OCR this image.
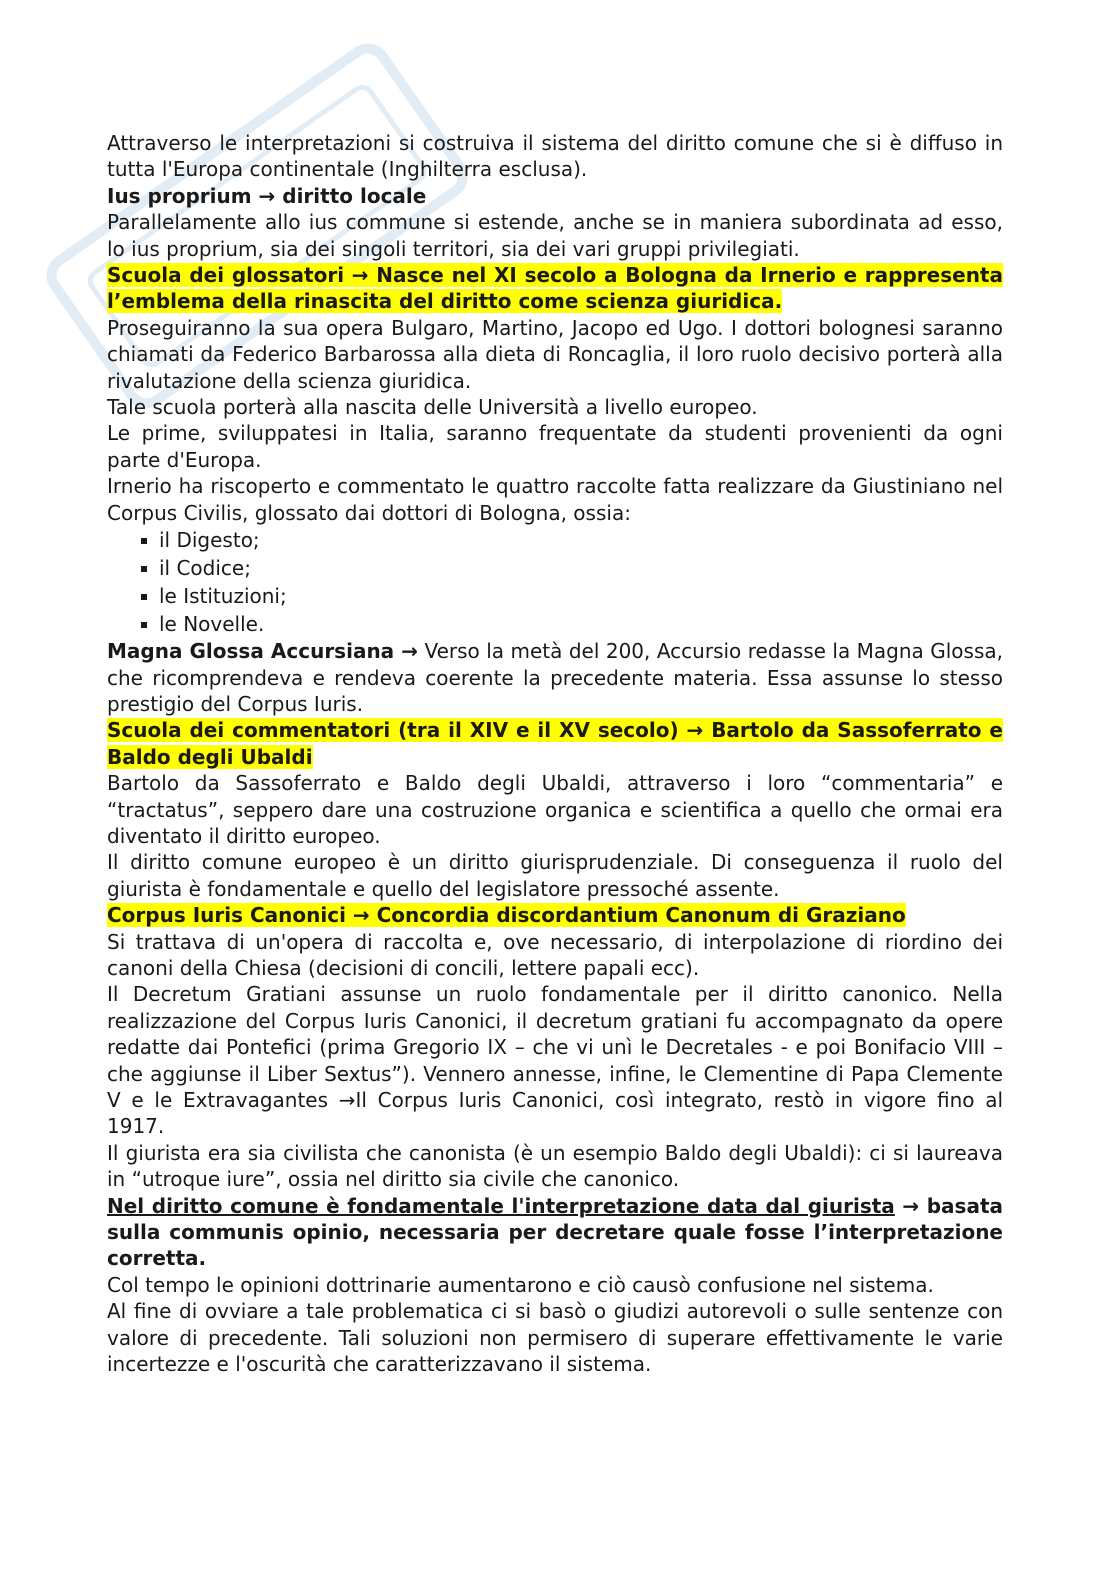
Attraverso le interpretazioni si costruiva il sistema del diritto comune che si è diffuso in tutta l'Europa continentale (Inghilterra esclusa).

Ius proprium → diritto locale

Parallelamente allo ius commune si estende, anche se in maniera subordinata ad esso, lo ius proprium, sia dei singoli territori, sia dei vari gruppi privilegiati.

Scuola dei glossatori → Nasce nel XI secolo a Bologna da Irnerio e rappresenta l’emblema della rinascita del diritto come scienza giuridica.

Proseguiranno la sua opera Bulgaro, Martino, Jacopo ed Ugo. I dottori bolognesi saranno chiamati da Federico Barbarossa alla dieta di Roncaglia, il loro ruolo decisivo porterà alla rivalutazione della scienza giuridica.

Tale scuola porterà alla nascita delle Università a livello europeo.

Le prime, sviluppatesi in Italia, saranno frequentate da studenti provenienti da ogni parte d'Europa.

Irnerio ha riscoperto e commentato le quattro raccolte fatta realizzare da Giustiniano nel Corpus Civilis, glossato dai dottori di Bologna, ossia:

il Digesto;
il Codice;
le Istituzioni;
le Novelle.

Magna Glossa Accursiana → Verso la metà del 200, Accursio redasse la Magna Glossa, che ricomprendeva e rendeva coerente la precedente materia. Essa assunse lo stesso prestigio del Corpus Iuris.

Scuola dei commentatori (tra il XIV e il XV secolo) → Bartolo da Sassoferrato e Baldo degli Ubaldi

Bartolo da Sassoferrato e Baldo degli Ubaldi, attraverso i loro “commentaria” e “tractatus”, seppero dare una costruzione organica e scientifica a quello che ormai era diventato il diritto europeo.

Il diritto comune europeo è un diritto giurisprudenziale. Di conseguenza il ruolo del giurista è fondamentale e quello del legislatore pressoché assente.

Corpus Iuris Canonici → Concordia discordantium Canonum di Graziano

Si trattava di un'opera di raccolta e, ove necessario, di interpolazione di riordino dei canoni della Chiesa (decisioni di concili, lettere papali ecc).

Il Decretum Gratiani assunse un ruolo fondamentale per il diritto canonico. Nella realizzazione del Corpus Iuris Canonici, il decretum gratiani fu accompagnato da opere redatte dai Pontefici (prima Gregorio IX – che vi unì le Decretales - e poi Bonifacio VIII – che aggiunse il Liber Sextus”). Vennero annesse, infine, le Clementine di Papa Clemente V e le Extravagantes →Il Corpus Iuris Canonici, così integrato, restò in vigore fino al 1917.

Il giurista era sia civilista che canonista (è un esempio Baldo degli Ubaldi): ci si laureava in “utroque iure”, ossia nel diritto sia civile che canonico.

Nel diritto comune è fondamentale l'interpretazione data dal giurista → basata sulla communis opinio, necessaria per decretare quale fosse l’interpretazione corretta.

Col tempo le opinioni dottrinarie aumentarono e ciò causò confusione nel sistema.

Al fine di ovviare a tale problematica ci si basò o giudizi autorevoli o sulle sentenze con valore di precedente. Tali soluzioni non permisero di superare effettivamente le varie incertezze e l'oscurità che caratterizzavano il sistema.
